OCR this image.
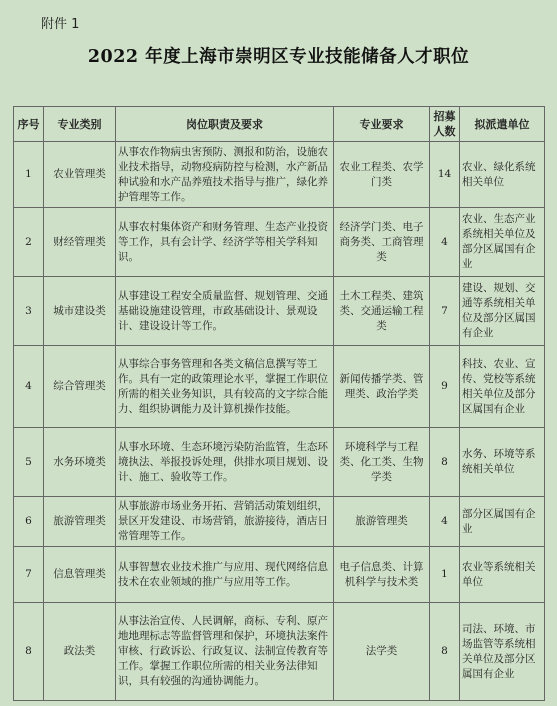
附件 1
2022 年度上海市崇明区专业技能储备人才职位
序号	专业类别	岗位职责及要求	专业要求	招募人数	拟派遣单位
1	农业管理类	从事农作物病虫害预防、测报和防治，设施农业技术指导，动物疫病防控与检测，水产新品种试验和水产品养殖技术指导与推广，绿化养护管理等工作。	农业工程类、农学门类	14	农业、绿化系统相关单位
2	财经管理类	从事农村集体资产和财务管理、生态产业投资等工作，具有会计学、经济学等相关学科知识。	经济学门类、电子商务类、工商管理类	4	农业、生态产业系统相关单位及部分区属国有企业
3	城市建设类	从事建设工程安全质量监督、规划管理、交通基础设施建设管理，市政基础设计、景观设计、建设设计等工作。	土木工程类、建筑类、交通运输工程类	7	建设、规划、交通等系统相关单位及部分区属国有企业
4	综合管理类	从事综合事务管理和各类文稿信息撰写等工作。具有一定的政策理论水平，掌握工作职位所需的相关业务知识，具有较高的文字综合能力、组织协调能力及计算机操作技能。	新闻传播学类、管理类、政治学类	9	科技、农业、宣传、党校等系统相关单位及部分区属国有企业
5	水务环境类	从事水环境、生态环境污染防治监管，生态环境执法、举报投诉处理，供排水项目规划、设计、施工、验收等工作。	环境科学与工程类、化工类、生物学类	8	水务、环境等系统相关单位
6	旅游管理类	从事旅游市场业务开拓、营销活动策划组织，景区开发建设、市场营销，旅游接待，酒店日常管理等工作。	旅游管理类	4	部分区属国有企业
7	信息管理类	从事智慧农业技术推广与应用、现代网络信息技术在农业领域的推广与应用等工作。	电子信息类、计算机科学与技术类	1	农业等系统相关单位
8	政法类	从事法治宣传、人民调解，商标、专利、原产地地理标志等监督管理和保护，环境执法案件审核、行政诉讼、行政复议、法制宣传教育等工作。掌握工作职位所需的相关业务法律知识，具有较强的沟通协调能力。	法学类	8	司法、环境、市场监管等系统相关单位及部分区属国有企业
